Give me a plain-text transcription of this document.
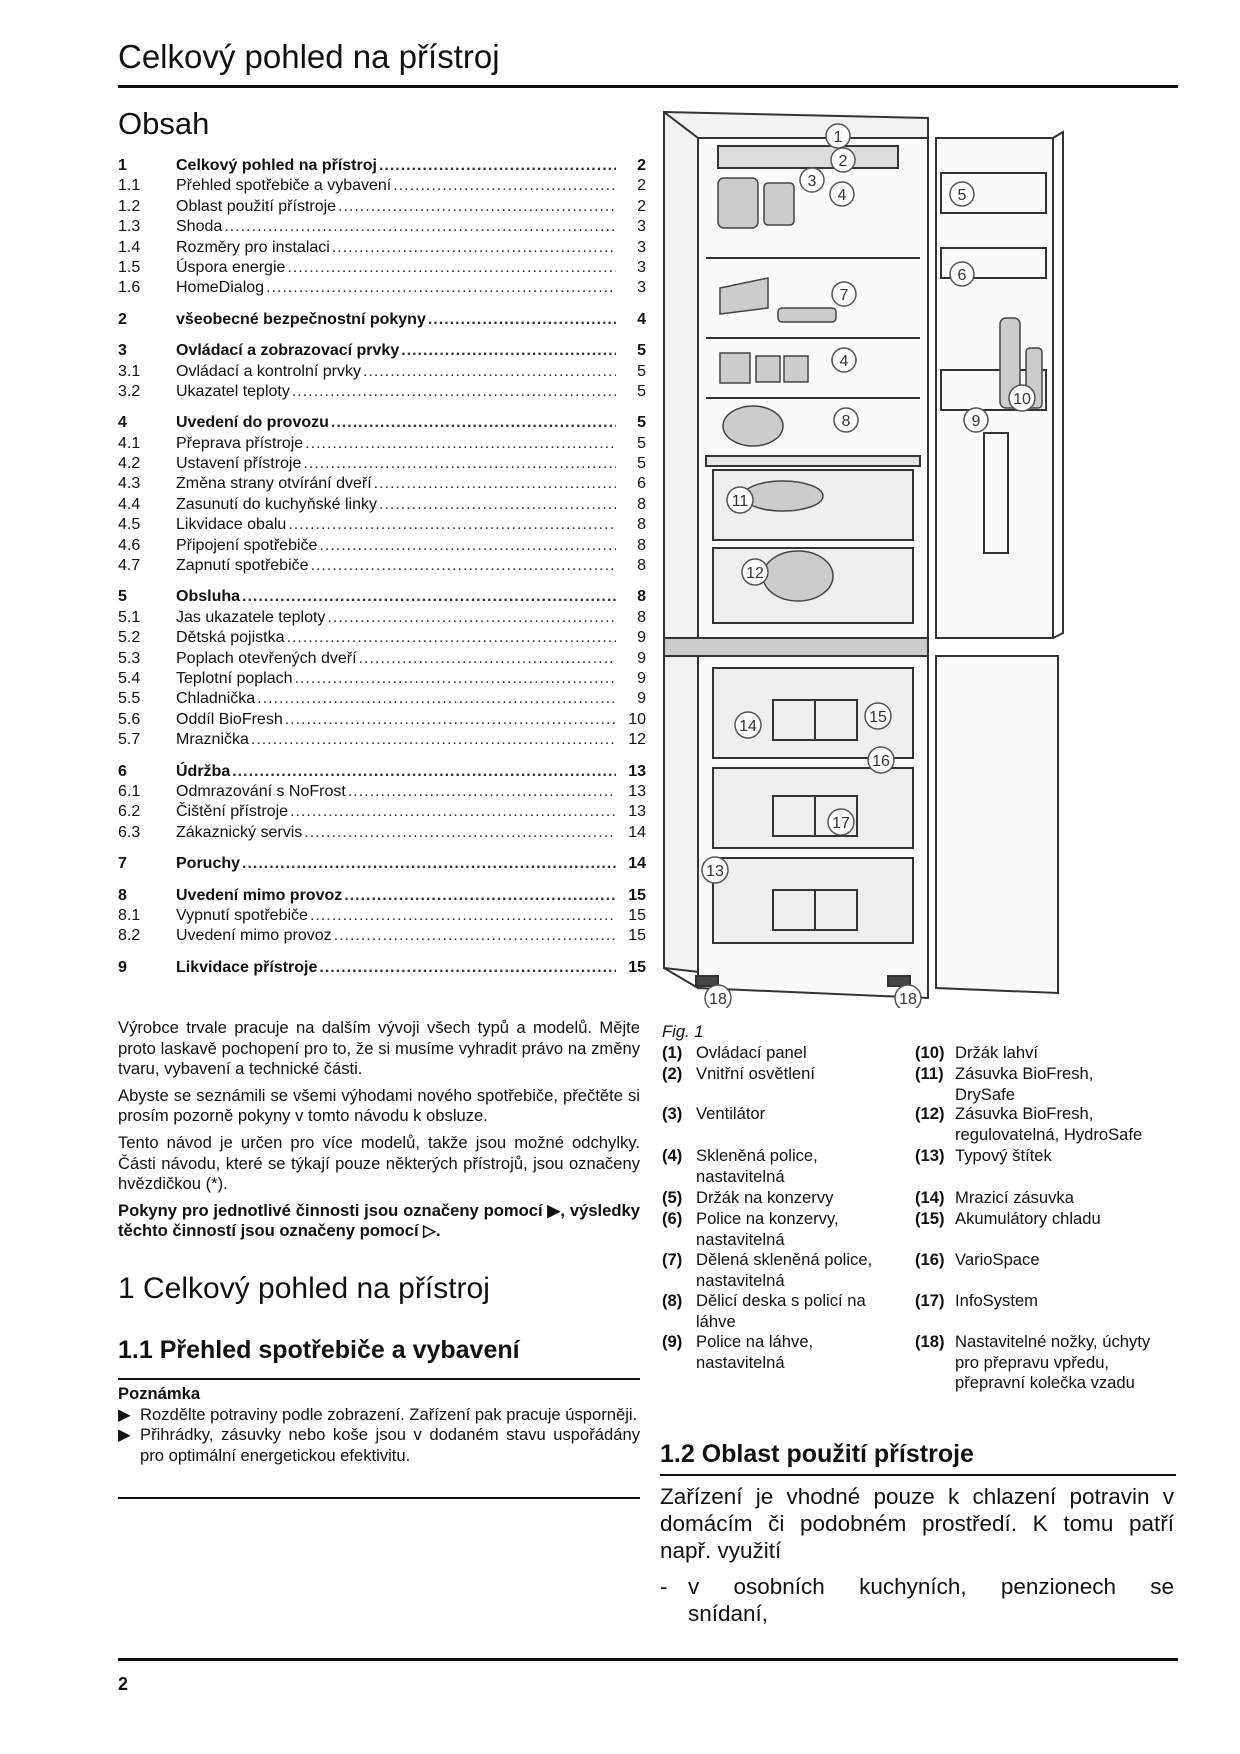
Celkový pohled na přístroj
Obsah
1	Celkový pohled na přístroj .....	2
1.1	Přehled spotřebiče a vybavení .....	2
1.2	Oblast použití přístroje .....	2
1.3	Shoda .....	3
1.4	Rozměry pro instalaci .....	3
1.5	Úspora energie .....	3
1.6	HomeDialog .....	3
2	všeobecné bezpečnostní pokyny .....	4
3	Ovládací a zobrazovací prvky .....	5
3.1	Ovládací a kontrolní prvky .....	5
3.2	Ukazatel teploty .....	5
4	Uvedení do provozu .....	5
4.1	Přeprava přístroje .....	5
4.2	Ustavení přístroje .....	5
4.3	Změna strany otvírání dveří .....	6
4.4	Zasunutí do kuchyňské linky .....	8
4.5	Likvidace obalu .....	8
4.6	Připojení spotřebiče .....	8
4.7	Zapnutí spotřebiče .....	8
5	Obsluha .....	8
5.1	Jas ukazatele teploty .....	8
5.2	Dětská pojistka .....	9
5.3	Poplach otevřených dveří .....	9
5.4	Teplotní poplach .....	9
5.5	Chladnička .....	9
5.6	Oddíl BioFresh .....	10
5.7	Mraznička .....	12
6	Údržba .....	13
6.1	Odmrazování s NoFrost .....	13
6.2	Čištění přístroje .....	13
6.3	Zákaznický servis .....	14
7	Poruchy .....	14
8	Uvedení mimo provoz .....	15
8.1	Vypnutí spotřebiče .....	15
8.2	Uvedení mimo provoz .....	15
9	Likvidace přístroje .....	15

Výrobce trvale pracuje na dalším vývoji všech typů a modelů. Mějte proto laskavě pochopení pro to, že si musíme vyhradit právo na změny tvaru, vybavení a technické části.

Abyste se seznámili se všemi výhodami nového spotřebiče, přečtěte si prosím pozorně pokyny v tomto návodu k obsluze.

Tento návod je určen pro více modelů, takže jsou možné odchylky. Části návodu, které se týkají pouze některých přístrojů, jsou označeny hvězdičkou (*).

Pokyny pro jednotlivé činnosti jsou označeny pomocí ▶, výsledky těchto činností jsou označeny pomocí ▷.

1 Celkový pohled na přístroj
1.1 Přehled spotřebiče a vybavení
Poznámka
▶ Rozdělte potraviny podle zobrazení. Zařízení pak pracuje úsporněji.
▶ Přihrádky, zásuvky nebo koše jsou v dodaném stavu uspořádány pro optimální energetickou efektivitu.
1
2
3
4	5
6
7
4
8	9
10
11
12
14
15
16
17
13
18	18
Fig. 1
(1) Ovládací panel
(2) Vnitřní osvětlení
(3) Ventilátor
(4) Skleněná police, nastavitelná
(5) Držák na konzervy
(6) Police na konzervy, nastavitelná
(7) Dělená skleněná police, nastavitelná
(8) Dělicí deska s policí na láhve
(9) Police na láhve, nastavitelná
(10) Držák lahví
(11) Zásuvka BioFresh, DrySafe
(12) Zásuvka BioFresh, regulovatelná, HydroSafe
(13) Typový štítek
(14) Mrazicí zásuvka
(15) Akumulátory chladu
(16) VarioSpace
(17) InfoSystem
(18) Nastavitelné nožky, úchyty pro přepravu vpředu, přepravní kolečka vzadu
1.2 Oblast použití přístroje
Zařízení je vhodné pouze k chlazení potravin v domácím či podobném prostředí. K tomu patří např. využití
- v osobních kuchyních, penzionech se
snídaní,
2
